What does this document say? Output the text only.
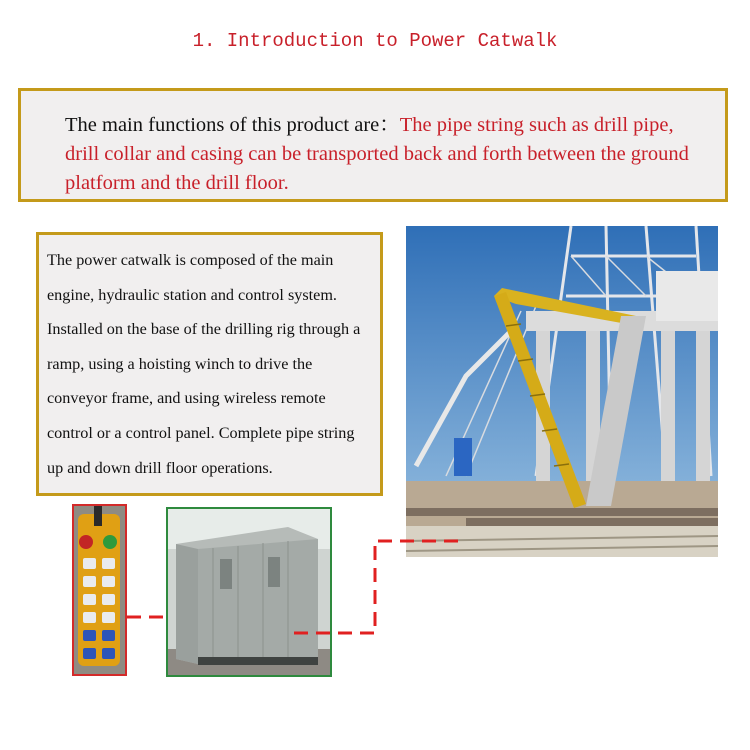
1. Introduction to Power Catwalk

The main functions of this product are：The pipe string such as drill pipe, drill collar and casing can be transported back and forth between the ground platform and the drill floor.

The power catwalk is composed of the main engine, hydraulic station and control system. Installed on the base of the drilling rig through a ramp, using a hoisting winch to drive the conveyor frame, and using wireless remote control or a control panel. Complete pipe string up and down drill floor operations.
